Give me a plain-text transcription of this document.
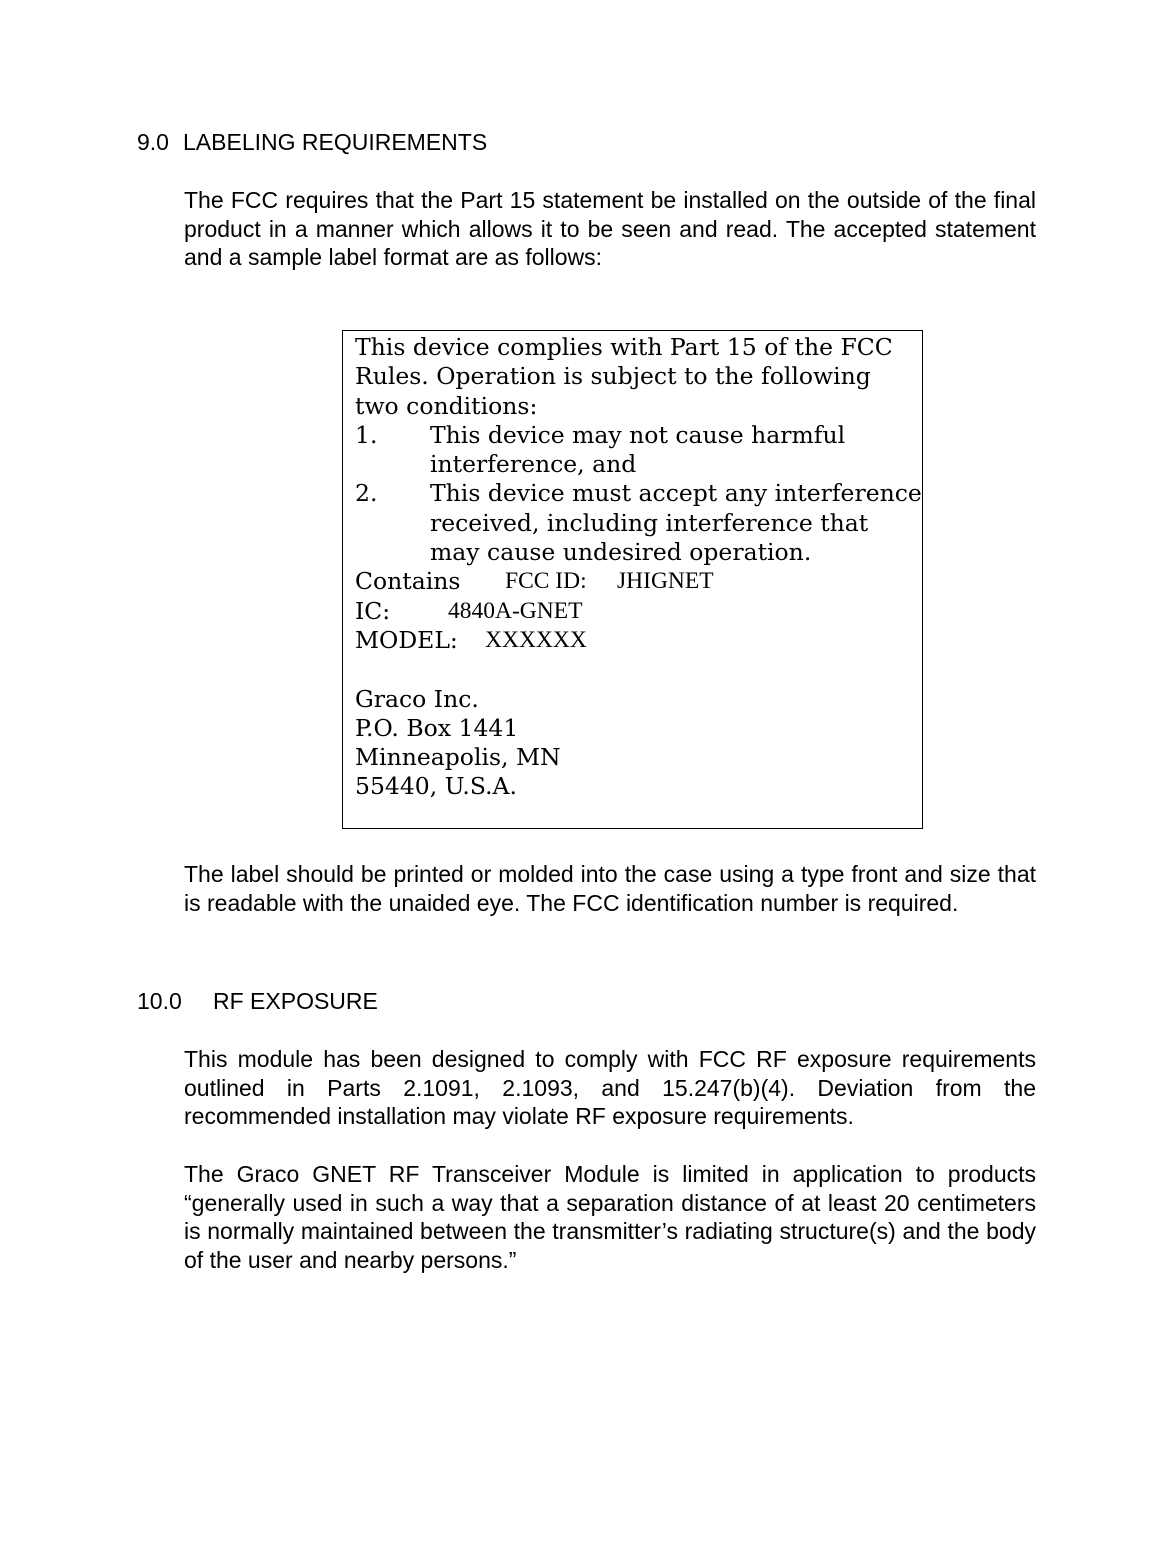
9.0 LABELING REQUIREMENTS
The FCC requires that the Part 15 statement be installed on the outside of the final product in a manner which allows it to be seen and read. The accepted statement and a sample label format are as follows:
This device complies with Part 15 of the FCC
Rules. Operation is subject to the following
two conditions:
1.	This device may not cause harmful interference, and
2.	This device must accept any interference received, including interference that may cause undesired operation.
Contains	FCC ID:	JHIGNET
IC:	4840A-GNET
MODEL:	XXXXXX
Graco Inc.
P.O. Box 1441
Minneapolis, MN
55440, U.S.A.
The label should be printed or molded into the case using a type front and size that is readable with the unaided eye. The FCC identification number is required.
10.0 RF EXPOSURE
This module has been designed to comply with FCC RF exposure requirements outlined in Parts 2.1091, 2.1093, and 15.247(b)(4). Deviation from the recommended installation may violate RF exposure requirements.
The Graco GNET RF Transceiver Module is limited in application to products “generally used in such a way that a separation distance of at least 20 centimeters is normally maintained between the transmitter’s radiating structure(s) and the body of the user and nearby persons.”
